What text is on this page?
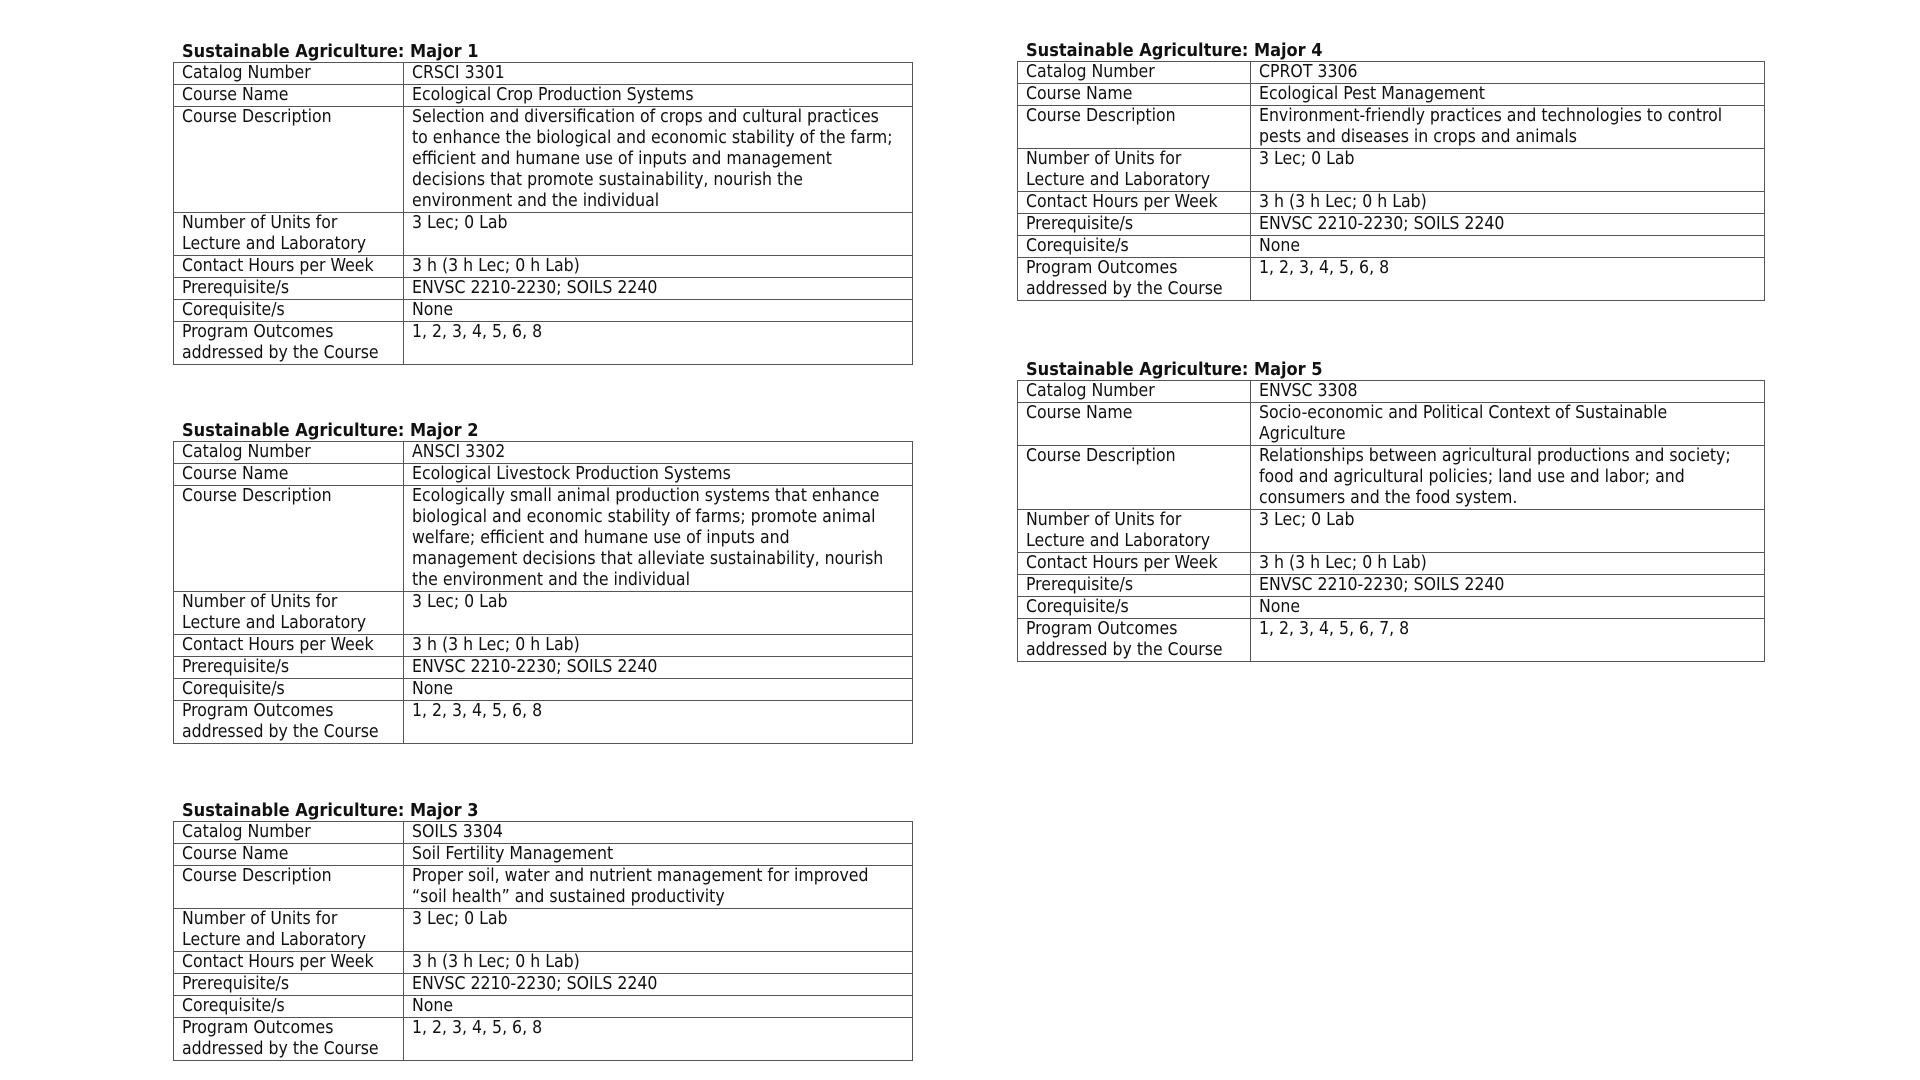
Sustainable Agriculture: Major 1
Catalog Number	CRSCI 3301
Course Name	Ecological Crop Production Systems
Course Description	Selection and diversification of crops and cultural practices
to enhance the biological and economic stability of the farm;
efficient and humane use of inputs and management
decisions that promote sustainability, nourish the
environment and the individual
Number of Units for
Lecture and Laboratory	3 Lec; 0 Lab
Contact Hours per Week	3 h (3 h Lec; 0 h Lab)
Prerequisite/s	ENVSC 2210-2230; SOILS 2240
Corequisite/s	None
Program Outcomes
addressed by the Course	1, 2, 3, 4, 5, 6, 8
Sustainable Agriculture: Major 2
Catalog Number	ANSCI 3302
Course Name	Ecological Livestock Production Systems
Course Description	Ecologically small animal production systems that enhance
biological and economic stability of farms; promote animal
welfare; efficient and humane use of inputs and
management decisions that alleviate sustainability, nourish
the environment and the individual
Number of Units for
Lecture and Laboratory	3 Lec; 0 Lab
Contact Hours per Week	3 h (3 h Lec; 0 h Lab)
Prerequisite/s	ENVSC 2210-2230; SOILS 2240
Corequisite/s	None
Program Outcomes
addressed by the Course	1, 2, 3, 4, 5, 6, 8
Sustainable Agriculture: Major 3
Catalog Number	SOILS 3304
Course Name	Soil Fertility Management
Course Description	Proper soil, water and nutrient management for improved
“soil health” and sustained productivity
Number of Units for
Lecture and Laboratory	3 Lec; 0 Lab
Contact Hours per Week	3 h (3 h Lec; 0 h Lab)
Prerequisite/s	ENVSC 2210-2230; SOILS 2240
Corequisite/s	None
Program Outcomes
addressed by the Course	1, 2, 3, 4, 5, 6, 8
Sustainable Agriculture: Major 4
Catalog Number	CPROT 3306
Course Name	Ecological Pest Management
Course Description	Environment-friendly practices and technologies to control
pests and diseases in crops and animals
Number of Units for
Lecture and Laboratory	3 Lec; 0 Lab
Contact Hours per Week	3 h (3 h Lec; 0 h Lab)
Prerequisite/s	ENVSC 2210-2230; SOILS 2240
Corequisite/s	None
Program Outcomes
addressed by the Course	1, 2, 3, 4, 5, 6, 8
Sustainable Agriculture: Major 5
Catalog Number	ENVSC 3308
Course Name	Socio-economic and Political Context of Sustainable
Agriculture
Course Description	Relationships between agricultural productions and society;
food and agricultural policies; land use and labor; and
consumers and the food system.
Number of Units for
Lecture and Laboratory	3 Lec; 0 Lab
Contact Hours per Week	3 h (3 h Lec; 0 h Lab)
Prerequisite/s	ENVSC 2210-2230; SOILS 2240
Corequisite/s	None
Program Outcomes
addressed by the Course	1, 2, 3, 4, 5, 6, 7, 8
